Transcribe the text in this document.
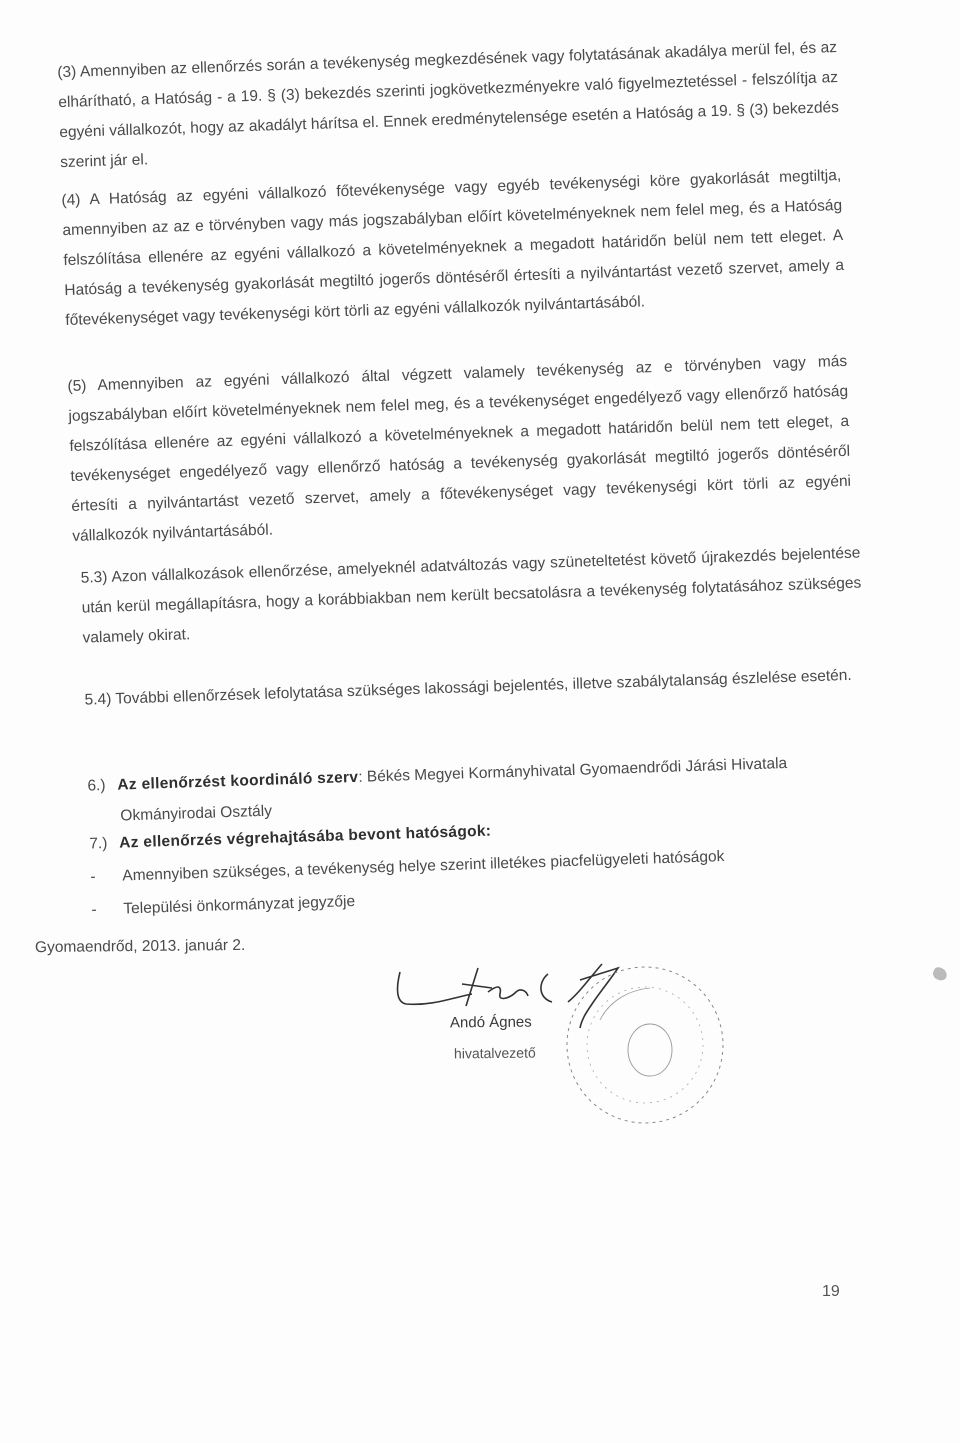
(3) Amennyiben az ellenőrzés során a tevékenység megkezdésének vagy folytatásának akadálya merül fel, és az elhárítható, a Hatóság - a 19. § (3) bekezdés szerinti jogkövetkezményekre való figyelmeztetéssel - felszólítja az egyéni vállalkozót, hogy az akadályt hárítsa el. Ennek eredménytelensége esetén a Hatóság a 19. § (3) bekezdés szerint jár el.
(4) A Hatóság az egyéni vállalkozó főtevékenysége vagy egyéb tevékenységi köre gyakorlását megtiltja, amennyiben az az e törvényben vagy más jogszabályban előírt követelményeknek nem felel meg, és a Hatóság felszólítása ellenére az egyéni vállalkozó a követelményeknek a megadott határidőn belül nem tett eleget. A Hatóság a tevékenység gyakorlását megtiltó jogerős döntéséről értesíti a nyilvántartást vezető szervet, amely a főtevékenységet vagy tevékenységi kört törli az egyéni vállalkozók nyilvántartásából.
(5) Amennyiben az egyéni vállalkozó által végzett valamely tevékenység az e törvényben vagy más jogszabályban előírt követelményeknek nem felel meg, és a tevékenységet engedélyező vagy ellenőrző hatóság felszólítása ellenére az egyéni vállalkozó a követelményeknek a megadott határidőn belül nem tett eleget, a tevékenységet engedélyező vagy ellenőrző hatóság a tevékenység gyakorlását megtiltó jogerős döntéséről értesíti a nyilvántartást vezető szervet, amely a főtevékenységet vagy tevékenységi kört törli az egyéni vállalkozók nyilvántartásából.
5.3) Azon vállalkozások ellenőrzése, amelyeknél adatváltozás vagy szüneteltetést követő újrakezdés bejelentése után kerül megállapításra, hogy a korábbiakban nem került becsatolásra a tevékenység folytatásához szükséges valamely okirat.
5.4) További ellenőrzések lefolytatása szükséges lakossági bejelentés, illetve szabálytalanság észlelése esetén.
6.) Az ellenőrzést koordináló szerv: Békés Megyei Kormányhivatal Gyomaendrődi Járási Hivatala
Okmányirodai Osztály
7.) Az ellenőrzés végrehajtásába bevont hatóságok:
- Amennyiben szükséges, a tevékenység helye szerint illetékes piacfelügyeleti hatóságok
- Települési önkormányzat jegyzője
Gyomaendrőd, 2013. január 2.
Andó Ágnes
hivatalvezető
19
